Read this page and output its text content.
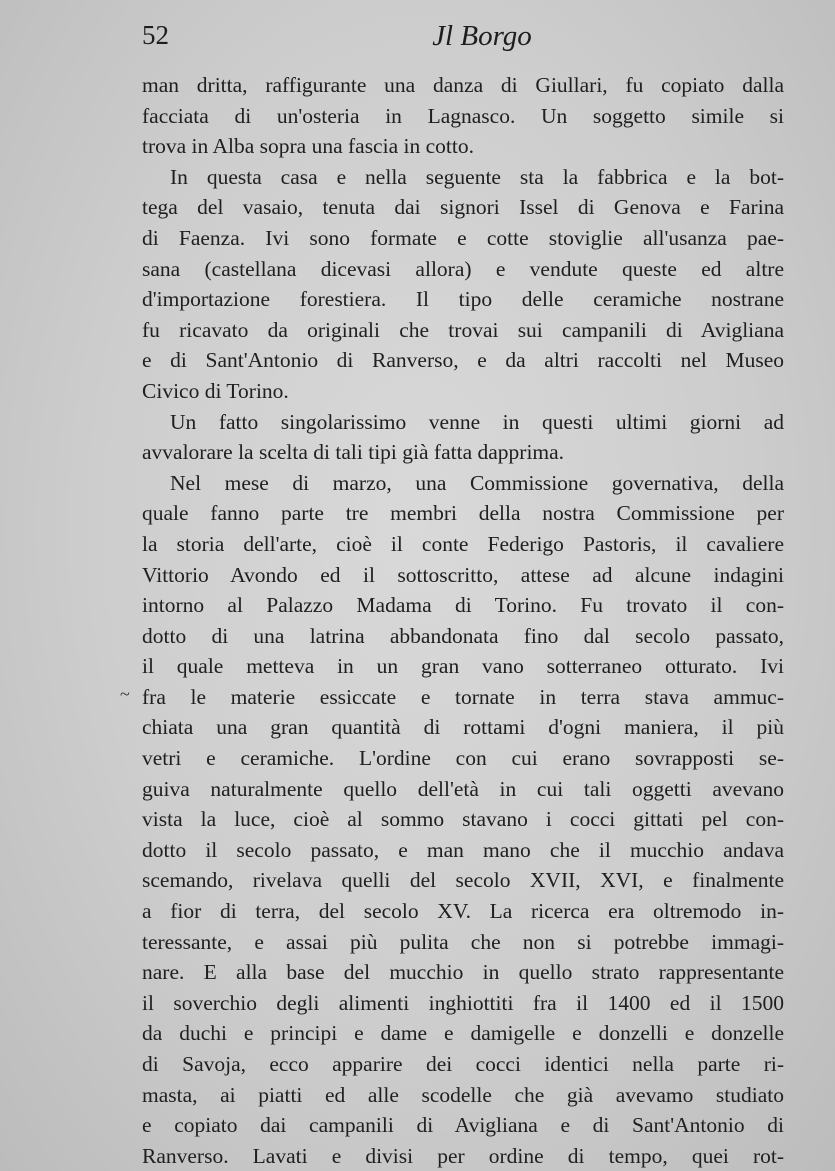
52	Jl Borgo
~
man dritta, raffigurante una danza di Giullari, fu copiato dalla
facciata di un'osteria in Lagnasco. Un soggetto simile si
trova in Alba sopra una fascia in cotto.
In questa casa e nella seguente sta la fabbrica e la bot-
tega del vasaio, tenuta dai signori Issel di Genova e Farina
di Faenza. Ivi sono formate e cotte stoviglie all'usanza pae-
sana (castellana dicevasi allora) e vendute queste ed altre
d'importazione forestiera. Il tipo delle ceramiche nostrane
fu ricavato da originali che trovai sui campanili di Avigliana
e di Sant'Antonio di Ranverso, e da altri raccolti nel Museo
Civico di Torino.
Un fatto singolarissimo venne in questi ultimi giorni ad
avvalorare la scelta di tali tipi già fatta dapprima.
Nel mese di marzo, una Commissione governativa, della
quale fanno parte tre membri della nostra Commissione per
la storia dell'arte, cioè il conte Federigo Pastoris, il cavaliere
Vittorio Avondo ed il sottoscritto, attese ad alcune indagini
intorno al Palazzo Madama di Torino. Fu trovato il con-
dotto di una latrina abbandonata fino dal secolo passato,
il quale metteva in un gran vano sotterraneo otturato. Ivi
fra le materie essiccate e tornate in terra stava ammuc-
chiata una gran quantità di rottami d'ogni maniera, il più
vetri e ceramiche. L'ordine con cui erano sovrapposti se-
guiva naturalmente quello dell'età in cui tali oggetti avevano
vista la luce, cioè al sommo stavano i cocci gittati pel con-
dotto il secolo passato, e man mano che il mucchio andava
scemando, rivelava quelli del secolo XVII, XVI, e finalmente
a fior di terra, del secolo XV. La ricerca era oltremodo in-
teressante, e assai più pulita che non si potrebbe immagi-
nare. E alla base del mucchio in quello strato rappresentante
il soverchio degli alimenti inghiottiti fra il 1400 ed il 1500
da duchi e principi e dame e damigelle e donzelli e donzelle
di Savoja, ecco apparire dei cocci identici nella parte ri-
masta, ai piatti ed alle scodelle che già avevamo studiato
e copiato dai campanili di Avigliana e di Sant'Antonio di
Ranverso. Lavati e divisi per ordine di tempo, quei rot-
